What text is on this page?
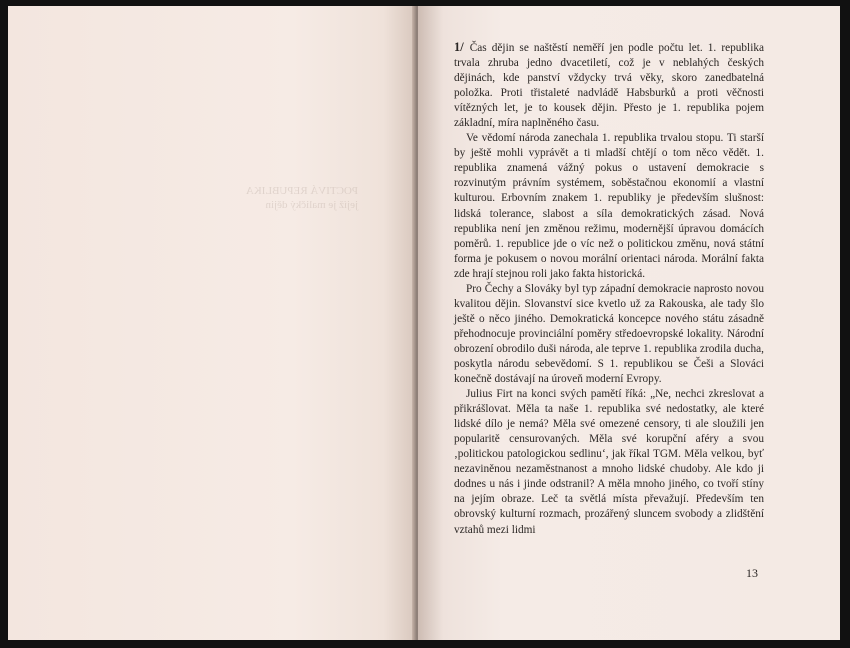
POCTIVÁ REPUBLIKA
jejíž je maličký dějin

1/ Čas dějin se naštěstí neměří jen podle počtu let. 1. republika trvala zhruba jedno dvacetiletí, což je v neblahých českých dějinách, kde panství vždycky trvá věky, skoro zanedbatelná položka. Proti třistaleté nadvládě Habsburků a proti věčnosti vítězných let, je to kousek dějin. Přesto je 1. republika pojem základní, míra naplněného času.

Ve vědomí národa zanechala 1. republika trvalou stopu. Ti starší by ještě mohli vyprávět a ti mladší chtějí o tom něco vědět. 1. republika znamená vážný pokus o ustavení demokracie s rozvinutým právním systémem, soběstačnou ekonomií a vlastní kulturou. Erbovním znakem 1. republiky je především slušnost: lidská tolerance, slabost a síla demokratických zásad. Nová republika není jen změnou režimu, modernější úpravou domácích poměrů. 1. republice jde o víc než o politickou změnu, nová státní forma je pokusem o novou morální orientaci národa. Morální fakta zde hrají stejnou roli jako fakta historická.

Pro Čechy a Slováky byl typ západní demokracie naprosto novou kvalitou dějin. Slovanství sice kvetlo už za Rakouska, ale tady šlo ještě o něco jiného. Demokratická koncepce nového státu zásadně přehodnocuje provinciální poměry středoevropské lokality. Národní obrození obrodilo duši národa, ale teprve 1. republika zrodila ducha, poskytla národu sebevědomí. S 1. republikou se Češi a Slováci konečně dostávají na úroveň moderní Evropy.

Julius Firt na konci svých pamětí říká: „Ne, nechci zkreslovat a přikrášlovat. Měla ta naše 1. republika své nedostatky, ale které lidské dílo je nemá? Měla své omezené censory, ti ale sloužili jen popularitě censurovaných. Měla své korupční aféry a svou ‚politickou patologickou sedlinu‘, jak říkal TGM. Měla velkou, byť nezaviněnou nezaměstnanost a mnoho lidské chudoby. Ale kdo ji dodnes u nás i jinde odstranil? A měla mnoho jiného, co tvoří stíny na jejím obraze. Leč ta světlá místa převažují. Především ten obrovský kulturní rozmach, prozářený sluncem svobody a zlidštění vztahů mezi lidmi

13
